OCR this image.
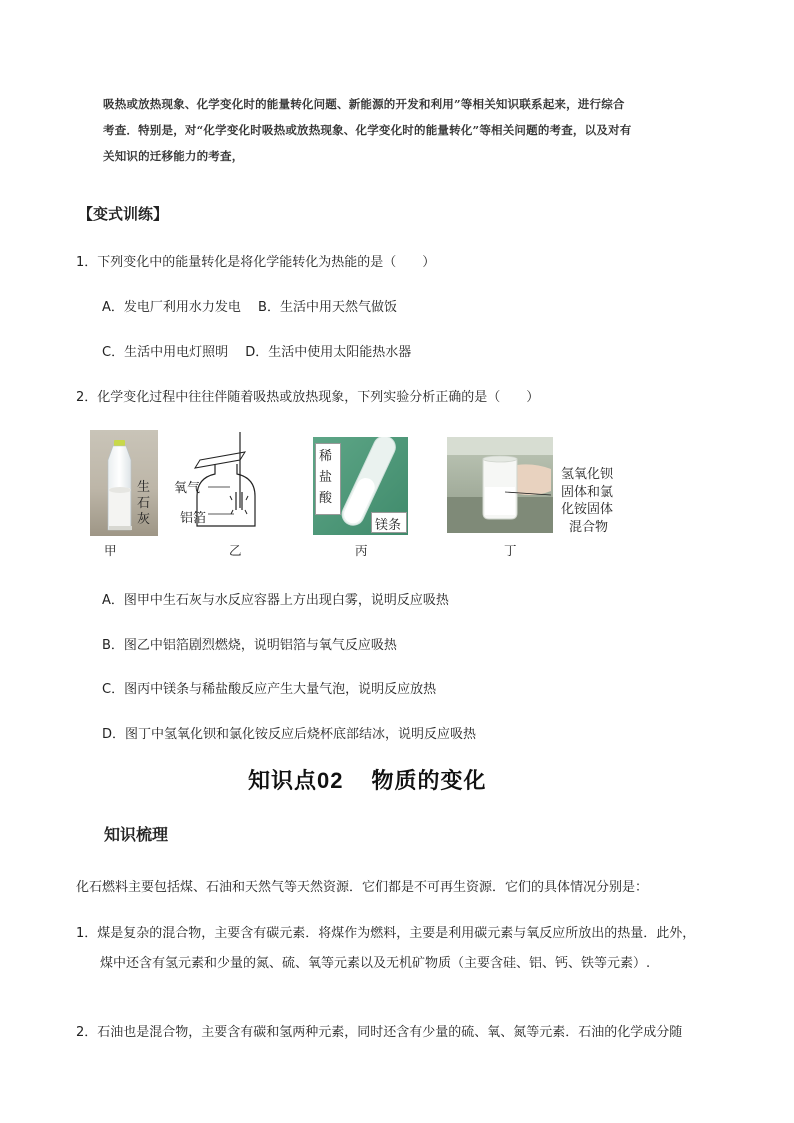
吸热或放热现象、化学变化时的能量转化问题、新能源的开发和利用”等相关知识联系起来，进行综合
考查．特别是，对“化学变化时吸热或放热现象、化学变化时的能量转化”等相关问题的考查，以及对有
关知识的迁移能力的考查，
【变式训练】
1．下列变化中的能量转化是将化学能转化为热能的是（　　）
A．发电厂利用水力发电　 B．生活中用天然气做饭
C．生活中用电灯照明　 D．生活中使用太阳能热水器
2．化学变化过程中往往伴随着吸热或放热现象，下列实验分析正确的是（　　）
生
石
灰
甲
氧气
铝箔
乙
稀
盐
酸
镁条
丙
氢氧化钡
固体和氯
化铵固体
混合物
丁
A．图甲中生石灰与水反应容器上方出现白雾，说明反应吸热
B．图乙中铝箔剧烈燃烧，说明铝箔与氧气反应吸热
C．图丙中镁条与稀盐酸反应产生大量气泡，说明反应放热
D．图丁中氢氧化钡和氯化铵反应后烧杯底部结冰，说明反应吸热
知识点02 物质的变化
知识梳理
化石燃料主要包括煤、石油和天然气等天然资源．它们都是不可再生资源．它们的具体情况分别是：
1．煤是复杂的混合物，主要含有碳元素．将煤作为燃料，主要是利用碳元素与氧反应所放出的热量．此外，
煤中还含有氢元素和少量的氮、硫、氧等元素以及无机矿物质（主要含硅、铝、钙、铁等元素）.
2．石油也是混合物，主要含有碳和氢两种元素，同时还含有少量的硫、氧、氮等元素．石油的化学成分随
